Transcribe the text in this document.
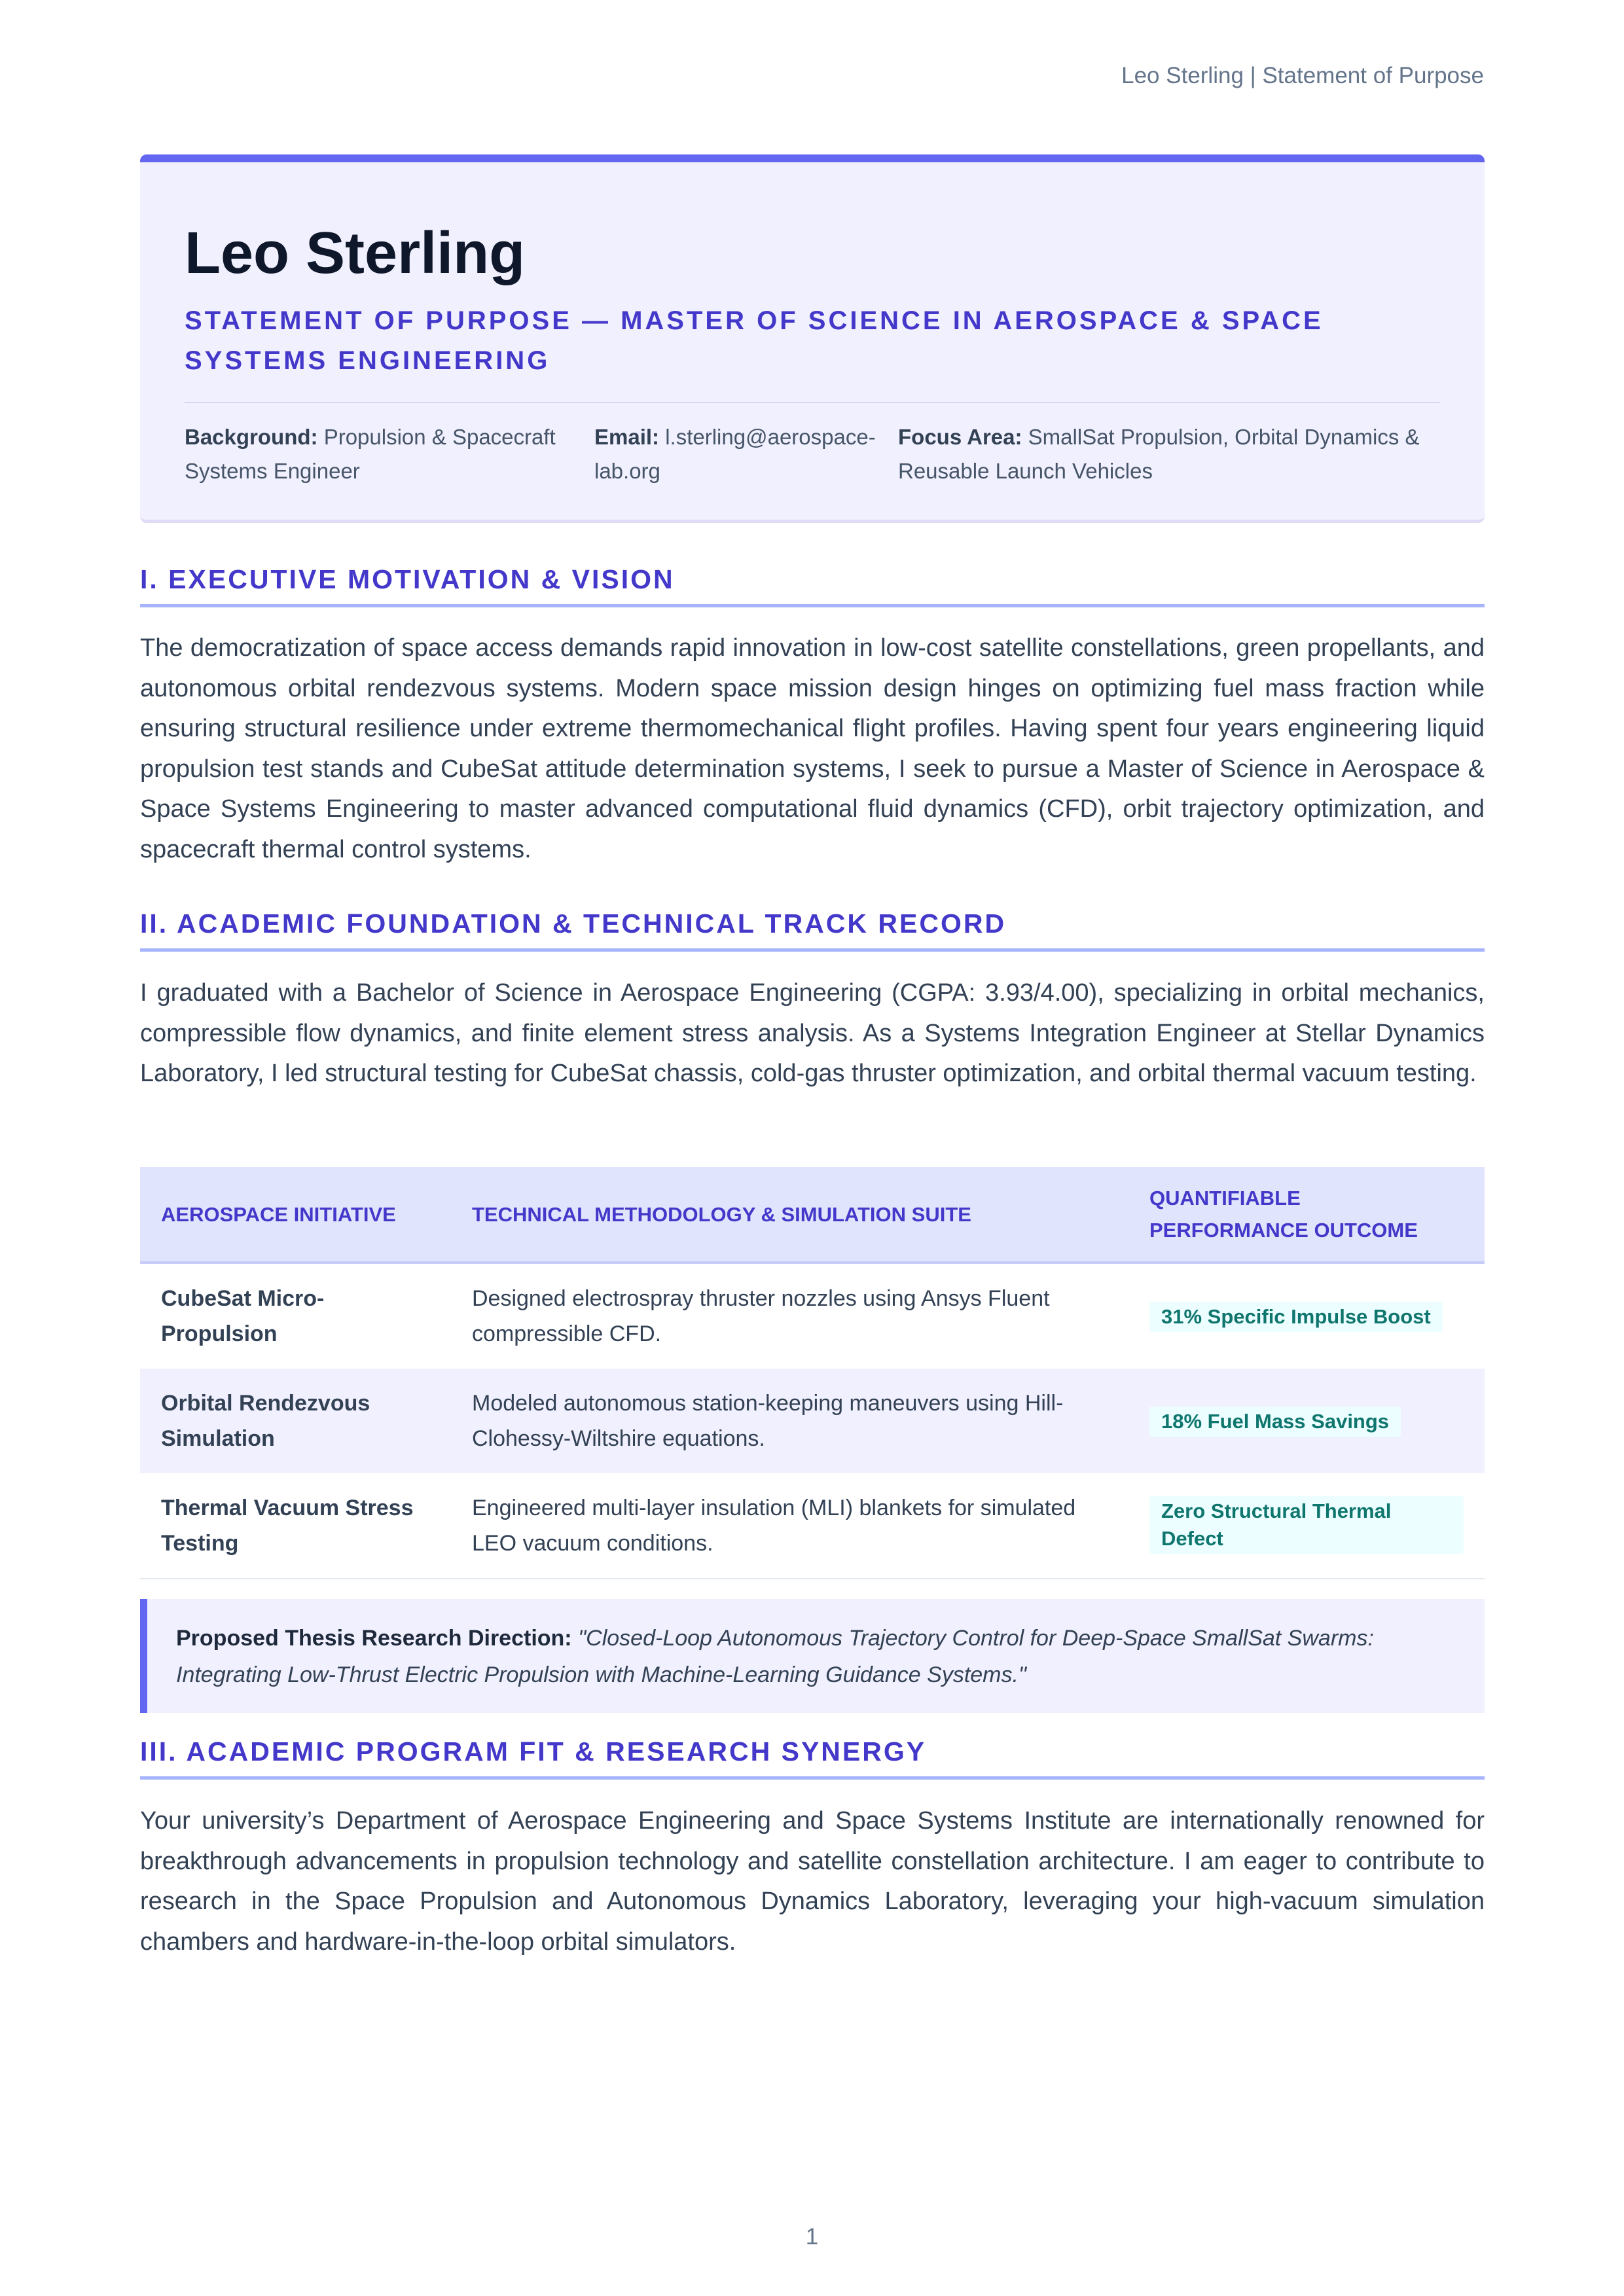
Leo Sterling | Statement of Purpose
Leo Sterling
STATEMENT OF PURPOSE — MASTER OF SCIENCE IN AEROSPACE & SPACE SYSTEMS ENGINEERING
Background: Propulsion & Spacecraft Systems Engineer
Email: l.sterling@aerospace-lab.org
Focus Area: SmallSat Propulsion, Orbital Dynamics & Reusable Launch Vehicles
I. EXECUTIVE MOTIVATION & VISION

The democratization of space access demands rapid innovation in low-cost satellite constellations, green propellants, and autonomous orbital rendezvous systems. Modern space mission design hinges on optimizing fuel mass fraction while ensuring structural resilience under extreme thermomechanical flight profiles. Having spent four years engineering liquid propulsion test stands and CubeSat attitude determination systems, I seek to pursue a Master of Science in Aerospace & Space Systems Engineering to master advanced computational fluid dynamics (CFD), orbit trajectory optimization, and spacecraft thermal control systems.

II. ACADEMIC FOUNDATION & TECHNICAL TRACK RECORD

I graduated with a Bachelor of Science in Aerospace Engineering (CGPA: 3.93/4.00), specializing in orbital mechanics, compressible flow dynamics, and finite element stress analysis. As a Systems Integration Engineer at Stellar Dynamics Laboratory, I led structural testing for CubeSat chassis, cold-gas thruster optimization, and orbital thermal vacuum testing.

AEROSPACE INITIATIVE	TECHNICAL METHODOLOGY & SIMULATION SUITE	QUANTIFIABLE PERFORMANCE OUTCOME
CubeSat Micro-Propulsion	Designed electrospray thruster nozzles using Ansys Fluent compressible CFD.	31% Specific Impulse Boost
Orbital Rendezvous Simulation	Modeled autonomous station-keeping maneuvers using Hill-Clohessy-Wiltshire equations.	18% Fuel Mass Savings
Thermal Vacuum Stress Testing	Engineered multi-layer insulation (MLI) blankets for simulated LEO vacuum conditions.	Zero Structural Thermal Defect
Proposed Thesis Research Direction: "Closed-Loop Autonomous Trajectory Control for Deep-Space SmallSat Swarms: Integrating Low-Thrust Electric Propulsion with Machine-Learning Guidance Systems."
III. ACADEMIC PROGRAM FIT & RESEARCH SYNERGY

Your university’s Department of Aerospace Engineering and Space Systems Institute are internationally renowned for breakthrough advancements in propulsion technology and satellite constellation architecture. I am eager to contribute to research in the Space Propulsion and Autonomous Dynamics Laboratory, leveraging your high-vacuum simulation chambers and hardware-in-the-loop orbital simulators.

1
